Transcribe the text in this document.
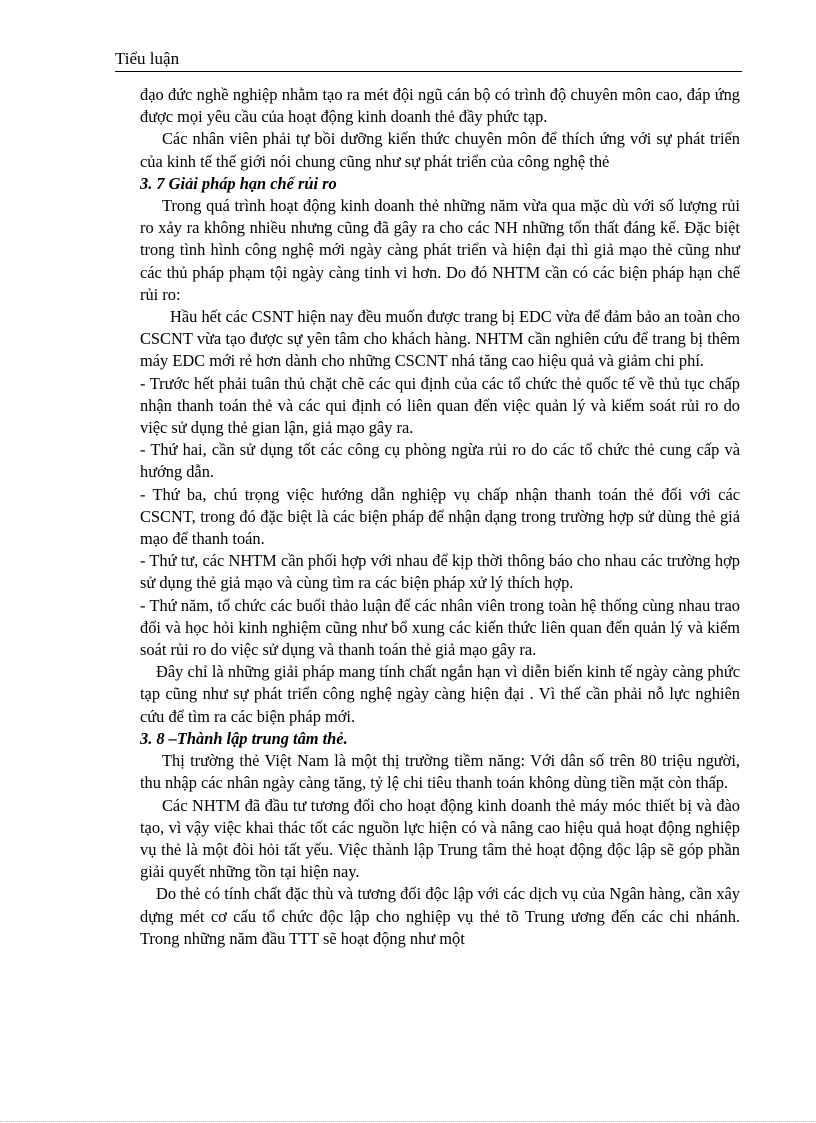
Tiểu luận

đạo đức nghề nghiệp nhằm tạo ra mét đội ngũ cán bộ có trình độ chuyên môn cao, đáp ứng được mọi yêu cầu của hoạt động kinh doanh thẻ đầy phức tạp.

Các nhân viên phải tự bồi dưỡng kiến thức chuyên môn để thích ứng với sự phát triển của kinh tế thế giới nói chung cũng như sự phát triển của công nghệ thẻ

3. 7 Giải pháp hạn chế rủi ro

Trong quá trình hoạt động kinh doanh thẻ những năm vừa qua mặc dù với số lượng rủi ro xảy ra không nhiều nhưng cũng đã gây ra cho các NH những tổn thất đáng kể. Đặc biệt trong tình hình công nghệ mới ngày càng phát triển và hiện đại thì giả mạo thẻ cũng như các thủ pháp phạm tội ngày càng tinh vi hơn. Do đó NHTM cần có các biện pháp hạn chế rủi ro:

Hầu hết các CSNT hiện nay đều muốn được trang bị EDC vừa để đảm bảo an toàn cho CSCNT vừa tạo được sự yên tâm cho khách hàng. NHTM cần nghiên cứu để trang bị thêm máy EDC mới rẻ hơn dành cho những CSCNT nhá tăng cao hiệu quả và giảm chi phí.

- Trước hết phải tuân thủ chặt chẽ các qui định của các tổ chức thẻ quốc tế về thủ tục chấp nhận thanh toán thẻ và các qui định có liên quan đến việc quản lý và kiểm soát rủi ro do việc sử dụng thẻ gian lận, giả mạo gây ra.

- Thứ hai, cần sử dụng tốt các công cụ phòng ngừa rủi ro do các tổ chức thẻ cung cấp và hướng dẫn.

- Thứ ba, chú trọng việc hướng dẫn nghiệp vụ chấp nhận thanh toán thẻ đối với các CSCNT, trong đó đặc biệt là các biện pháp để nhận dạng trong trường hợp sử dùng thẻ giả mạo để thanh toán.

- Thứ tư, các NHTM cần phối hợp với nhau để kịp thời thông báo cho nhau các trường hợp sử dụng thẻ giả mạo và cùng tìm ra các biện pháp xử lý thích hợp.

- Thứ năm, tổ chức các buổi thảo luận để các nhân viên trong toàn hệ thống cùng nhau trao đổi và học hỏi kinh nghiệm cũng như bổ xung các kiến thức liên quan đến quản lý và kiểm soát rủi ro do việc sử dụng và thanh toán thẻ giả mạo gây ra.

Đây chỉ là những giải pháp mang tính chất ngắn hạn vì diễn biến kinh tế ngày càng phức tạp cũng như sự phát triển công nghệ ngày càng hiện đại . Vì thế cần phải nỗ lực nghiên cứu để tìm ra các biện pháp mới.

3. 8 –Thành lập trung tâm thẻ.

Thị trường thẻ Việt Nam là một thị trường tiềm năng: Với dân số trên 80 triệu người, thu nhập các nhân ngày càng tăng, tỷ lệ chi tiêu thanh toán không dùng tiền mặt còn thấp.

Các NHTM đã đầu tư tương đối cho hoạt động kinh doanh thẻ máy móc thiết bị và đào tạo, vì vậy việc khai thác tốt các nguồn lực hiện có và nâng cao hiệu quả hoạt động nghiệp vụ thẻ là một đòi hỏi tất yếu. Việc thành lập Trung tâm thẻ hoạt động độc lập sẽ góp phần giải quyết những tồn tại hiện nay.

Do thẻ có tính chất đặc thù và tương đối độc lập với các dịch vụ của Ngân hàng, cần xây dựng mét cơ cấu tổ chức độc lập cho nghiệp vụ thẻ tõ Trung ương đến các chi nhánh. Trong những năm đầu TTT sẽ hoạt động như một
